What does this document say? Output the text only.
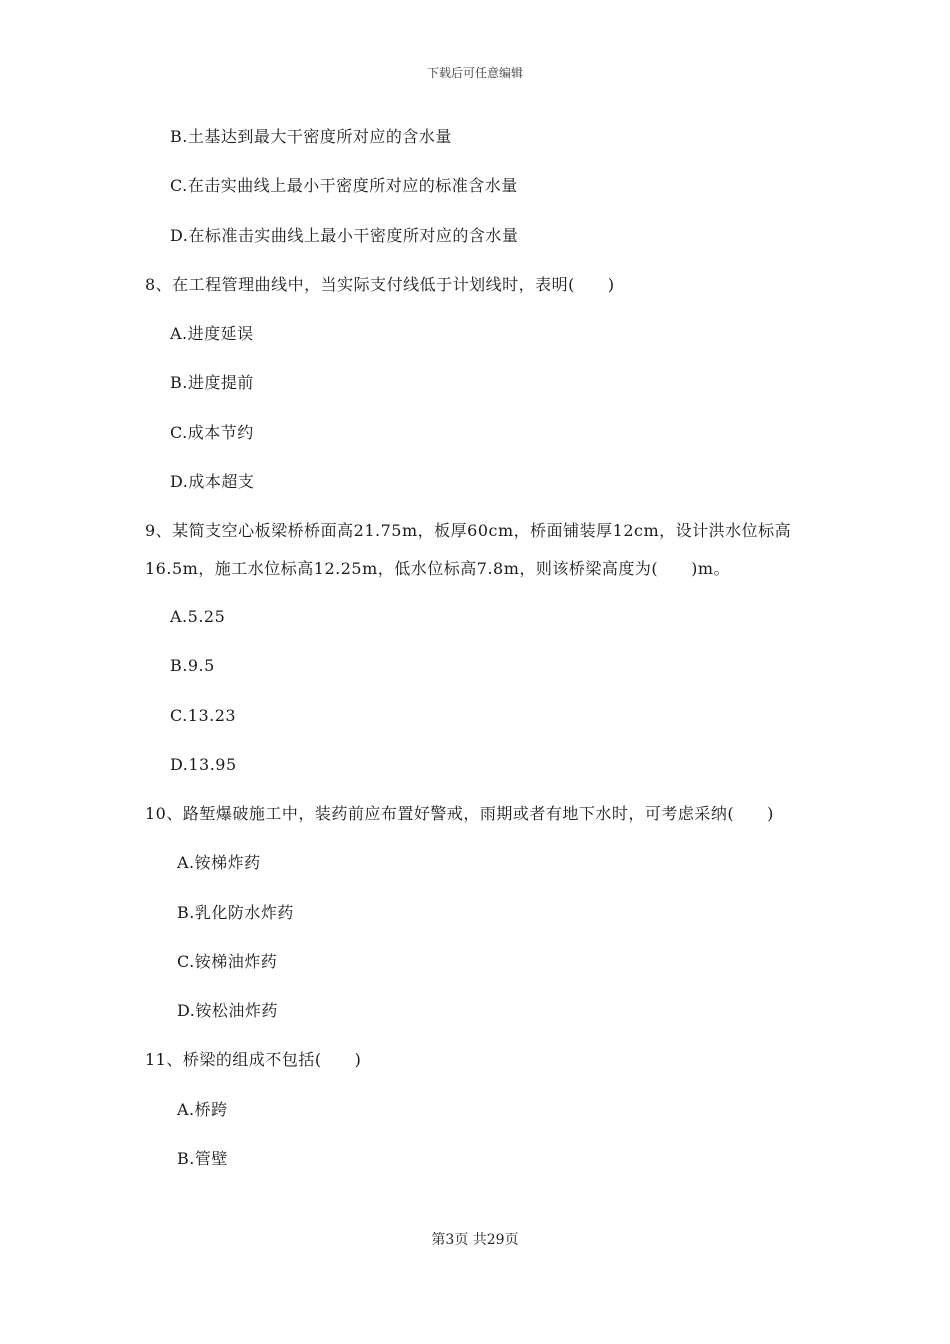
下载后可任意编辑
B.土基达到最大干密度所对应的含水量
C.在击实曲线上最小干密度所对应的标准含水量
D.在标准击实曲线上最小干密度所对应的含水量
8、在工程管理曲线中，当实际支付线低于计划线时，表明(　　)
A.进度延误
B.进度提前
C.成本节约
D.成本超支
9、某简支空心板梁桥桥面高21.75m，板厚60cm，桥面铺装厚12cm，设计洪水位标高
16.5m，施工水位标高12.25m，低水位标高7.8m，则该桥梁高度为(　　)m。
A.5.25
B.9.5
C.13.23
D.13.95
10、路堑爆破施工中，装药前应布置好警戒，雨期或者有地下水时，可考虑采纳(　　)
A.铵梯炸药
B.乳化防水炸药
C.铵梯油炸药
D.铵松油炸药
11、桥梁的组成不包括(　　)
A.桥跨
B.管壁
第3页 共29页
